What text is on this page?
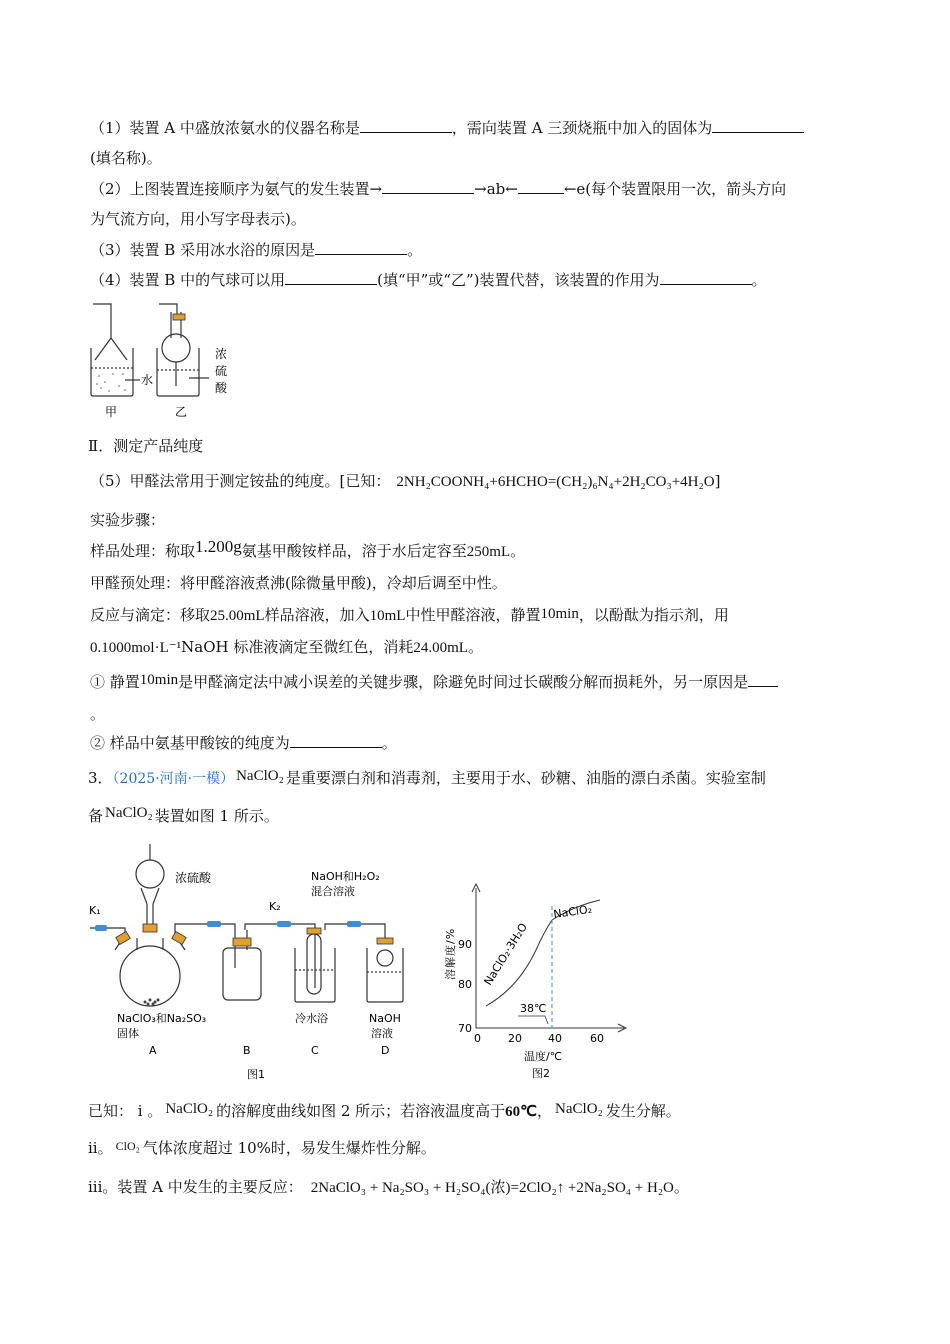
（1）装置 A 中盛放浓氨水的仪器名称是	，需向装置 A 三颈烧瓶中加入的固体为
(填名称)。
（2）上图装置连接顺序为氨气的发生装置→	→ab←	←e(每个装置限用一次，箭头方向
为气流方向，用小写字母表示)。
（3）装置 B 采用冰水浴的原因是	。
（4）装置 B 中的气球可以用	(填“甲”或“乙”)装置代替，该装置的作用为	。
水
甲	乙
浓
硫
酸
Ⅱ．测定产品纯度
（5）甲醛法常用于测定铵盐的纯度。[已知： 2NH₂COONH₄+6HCHO=(CH₂)₆N₄+2H₂CO₃+4H₂O]
实验步骤：
样品处理：称取1.200g氨基甲酸铵样品，溶于水后定容至250mL。
甲醛预处理：将甲醛溶液煮沸(除微量甲酸)，冷却后调至中性。
反应与滴定：移取25.00mL样品溶液，加入10mL中性甲醛溶液，静置10min，以酚酞为指示剂，用
0.1000mol·L⁻¹NaOH 标准液滴定至微红色，消耗24.00mL。
① 静置10min是甲醛滴定法中减小误差的关键步骤，除避免时间过长碳酸分解而损耗外，另一原因是
。
② 样品中氨基甲酸铵的纯度为	。
3．（2025·河南·一模） NaClO₂ 是重要漂白剂和消毒剂，主要用于水、砂糖、油脂的漂白杀菌。实验室制
备 NaClO₂ 装置如图 1 所示。
浓硫酸
K₁	K₂
NaOH和H₂O₂
混合溶液
NaClO₃和Na₂SO₃
固体
冷水浴	NaOH
溶液
A	B	C	D
图1
溶解度/% 90
80
70
0 20 40	60
温度/℃
NaClO₂·3H₂O
NaClO₂
38℃
图2
已知： i 。 NaClO₂ 的溶解度曲线如图 2 所示；若溶液温度高于60℃， NaClO₂ 发生分解。
ii。 $^{ClO_2}$ 气体浓度超过 10%时，易发生爆炸性分解。
iii。装置 A 中发生的主要反应： 2NaClO₃ + Na₂SO₃ + H₂SO₄(浓)=2ClO₂↑ +2Na₂SO₄ + H₂O。
